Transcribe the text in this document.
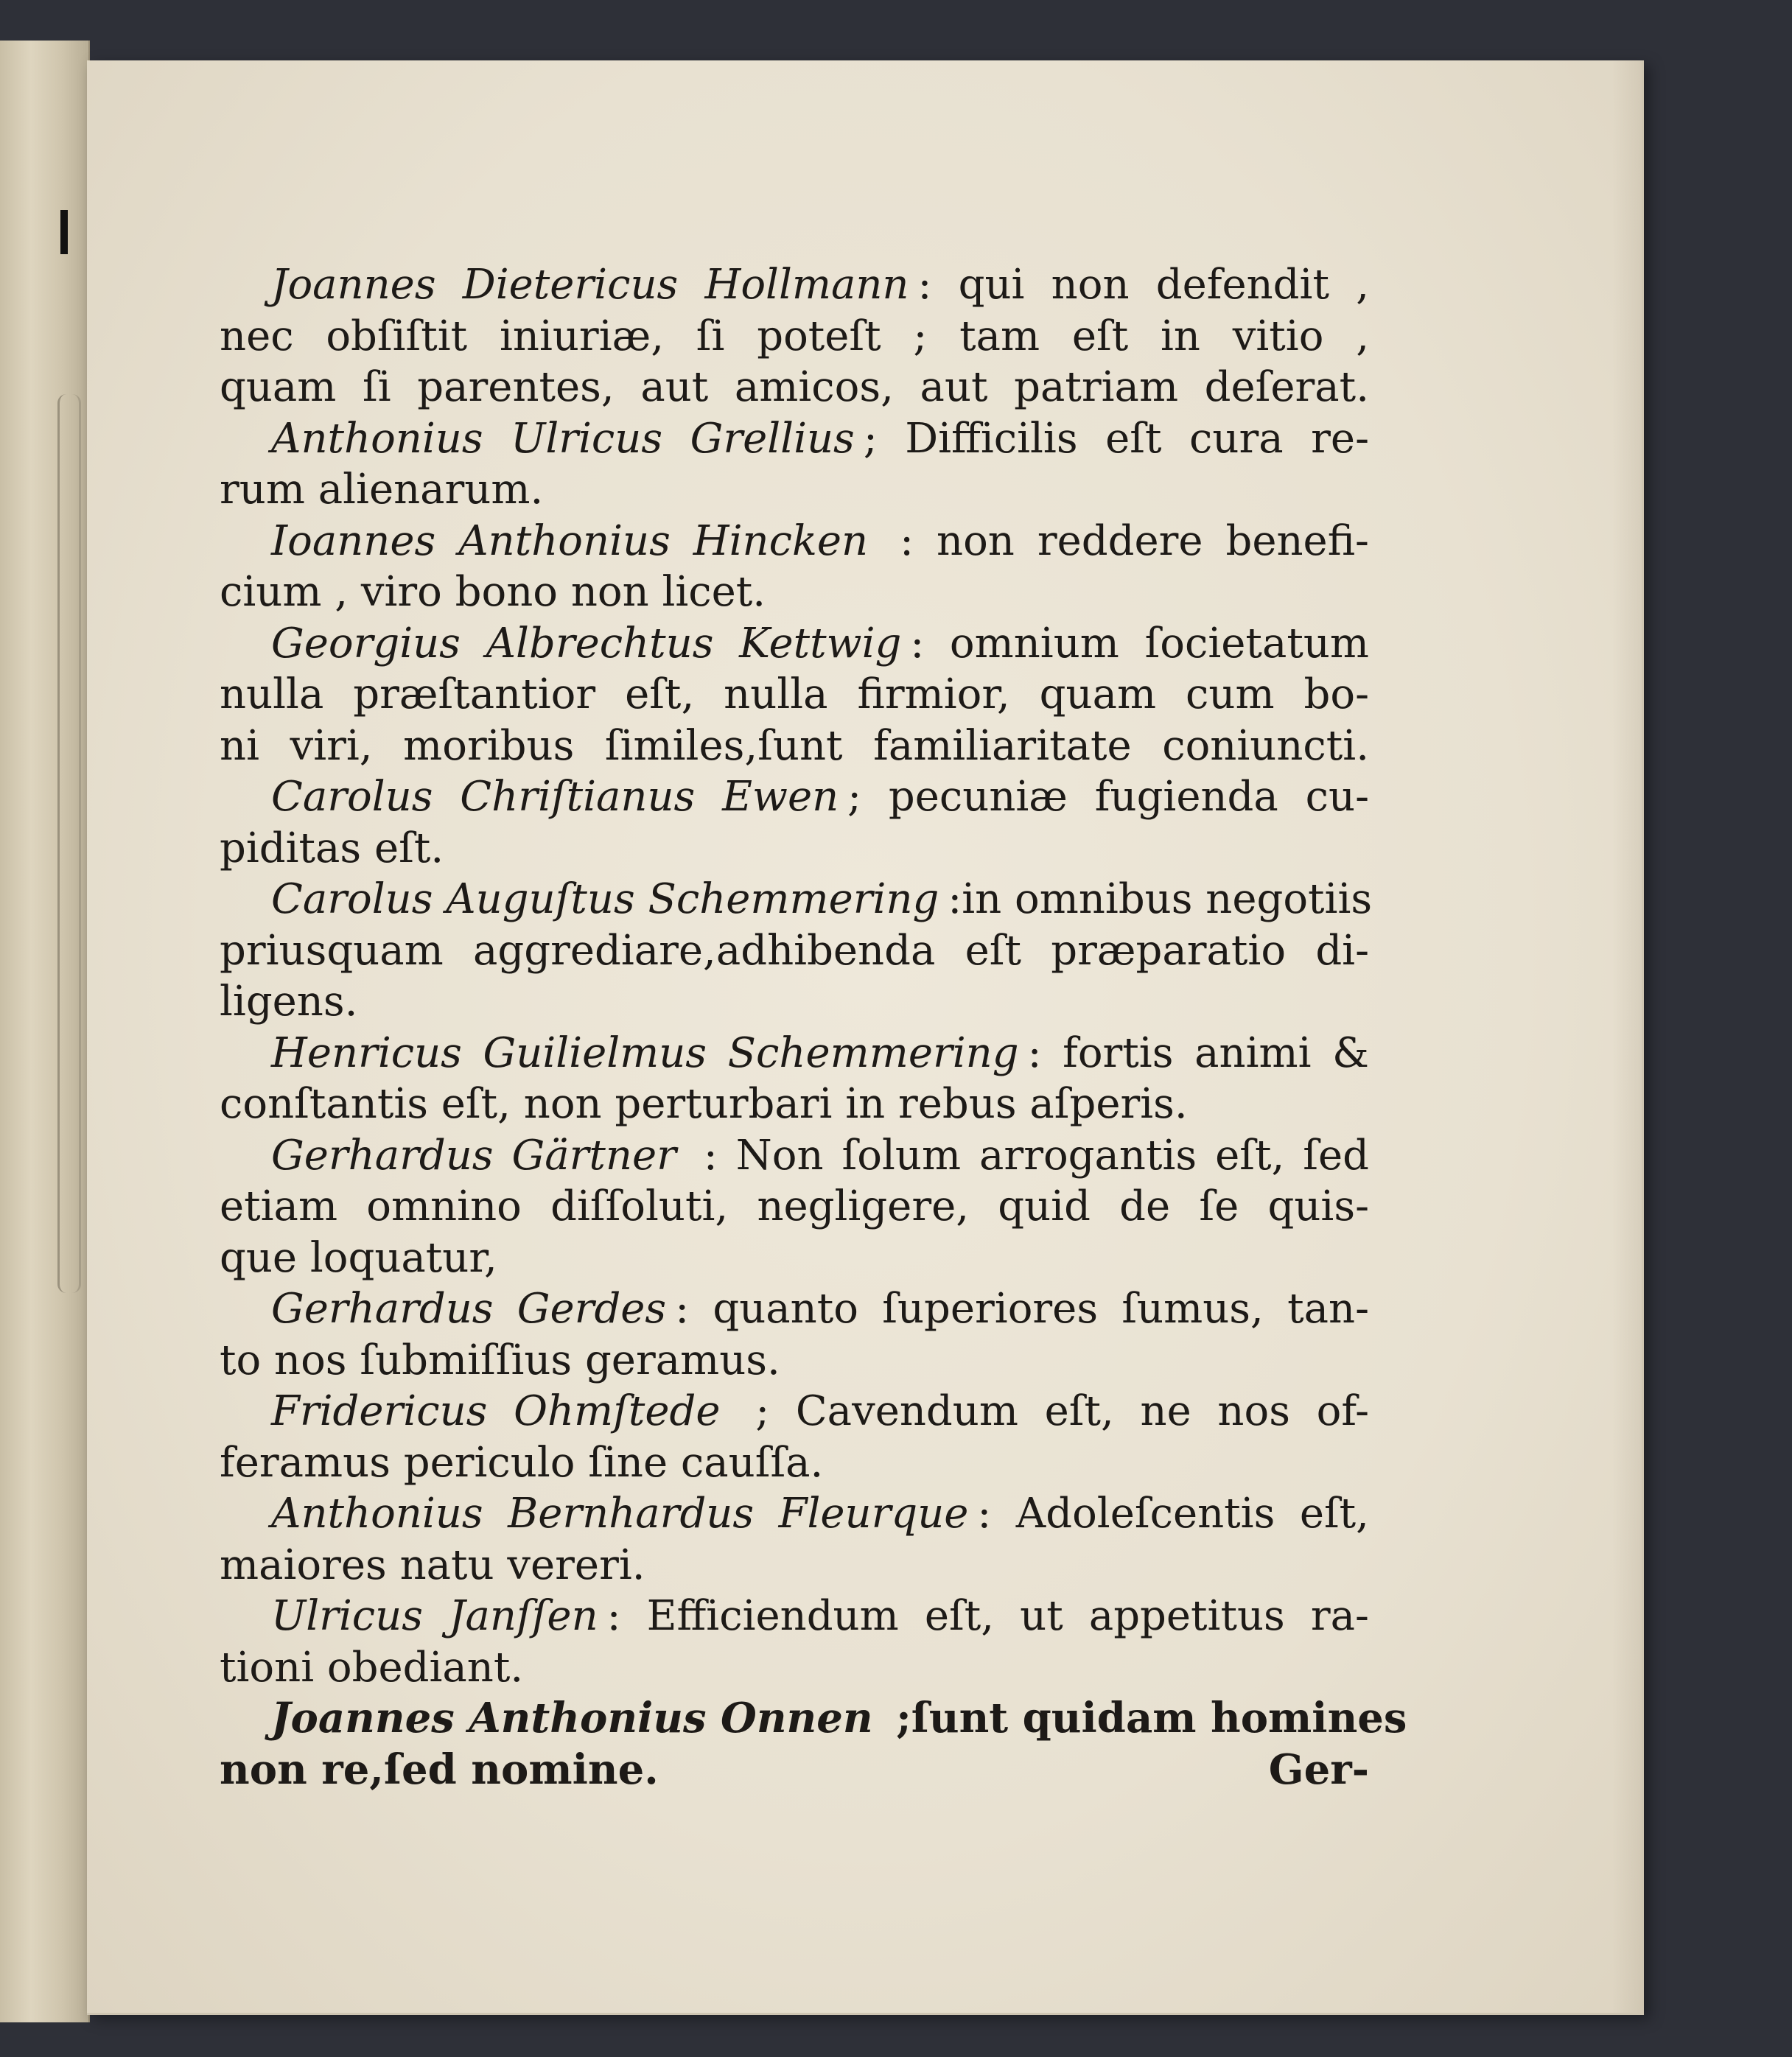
Joannes Dietericus Hollmann : qui non defendit ,
nec obſiſtit iniuriæ, ſi poteſt ; tam eſt in vitio ,
quam ſi parentes, aut amicos, aut patriam deſerat.
Anthonius Ulricus Grellius ; Difficilis eſt cura re-
rum alienarum.
Ioannes Anthonius Hincken : non reddere benefi-
cium , viro bono non licet.
Georgius Albrechtus Kettwig : omnium ſocietatum
nulla præſtantior eſt, nulla firmior, quam cum bo-
ni viri, moribus ſimiles,ſunt familiaritate coniuncti.
Carolus Chriſtianus Ewen ; pecuniæ fugienda cu-
piditas eſt.
Carolus Auguſtus Schemmering :in omnibus negotiis
priusquam aggrediare,adhibenda eſt præparatio di-
ligens.
Henricus Guilielmus Schemmering : fortis animi &
conſtantis eſt, non perturbari in rebus aſperis.
Gerhardus Gärtner : Non ſolum arrogantis eſt, ſed
etiam omnino diſſoluti, negligere, quid de ſe quis-
que loquatur,
Gerhardus Gerdes : quanto ſuperiores ſumus, tan-
to nos ſubmiſſius geramus.
Fridericus Ohmſtede ; Cavendum eſt, ne nos of-
feramus periculo ſine cauſſa.
Anthonius Bernhardus Fleurque : Adoleſcentis eſt,
maiores natu vereri.
Ulricus Janſſen : Efficiendum eſt, ut appetitus ra-
tioni obediant.
Joannes Anthonius Onnen ;ſunt quidam homines
non re,ſed nomine.	Ger-
